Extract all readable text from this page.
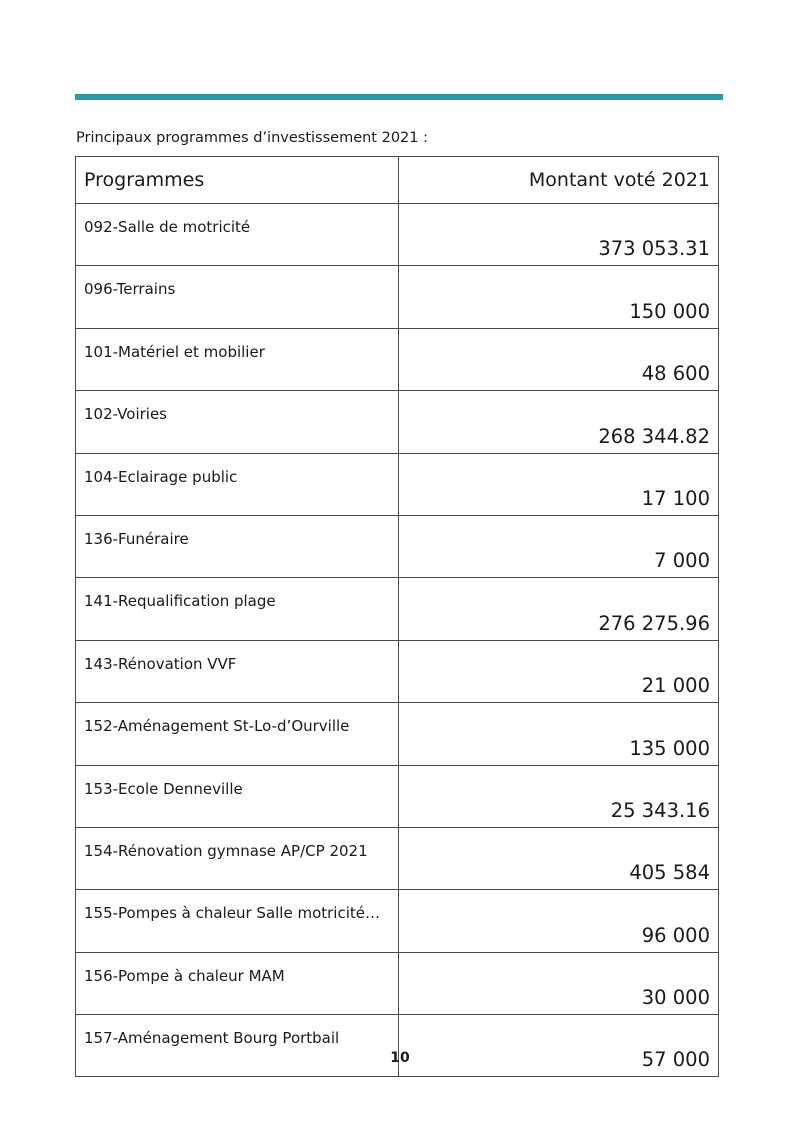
Principaux programmes d’investissement 2021 :
Programmes	Montant voté 2021
092-Salle de motricité	373 053.31
096-Terrains	150 000
101-Matériel et mobilier	48 600
102-Voiries	268 344.82
104-Eclairage public	17 100
136-Funéraire	7 000
141-Requalification plage	276 275.96
143-Rénovation VVF	21 000
152-Aménagement St-Lo-d’Ourville	135 000
153-Ecole Denneville	25 343.16
154-Rénovation gymnase AP/CP 2021	405 584
155-Pompes à chaleur Salle motricité…	96 000
156-Pompe à chaleur MAM	30 000
157-Aménagement Bourg Portbail	57 000
10
